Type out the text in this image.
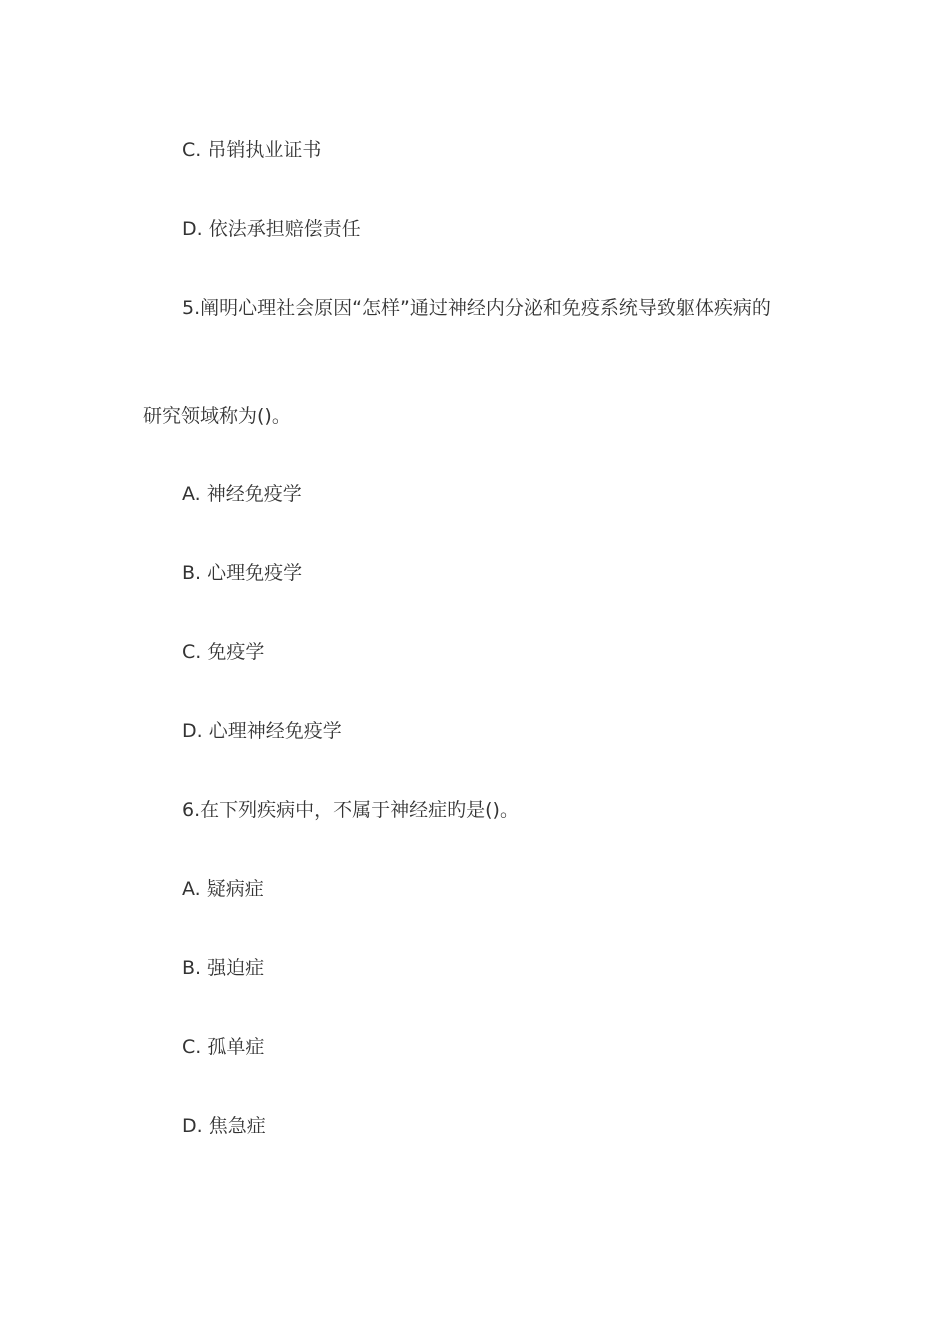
C. 吊销执业证书
D. 依法承担赔偿责任
5.阐明心理社会原因“怎样”通过神经内分泌和免疫系统导致躯体疾病的
研究领域称为()。
A. 神经免疫学
B. 心理免疫学
C. 免疫学
D. 心理神经免疫学
6.在下列疾病中，不属于神经症旳是()。
A. 疑病症
B. 强迫症
C. 孤单症
D. 焦急症
